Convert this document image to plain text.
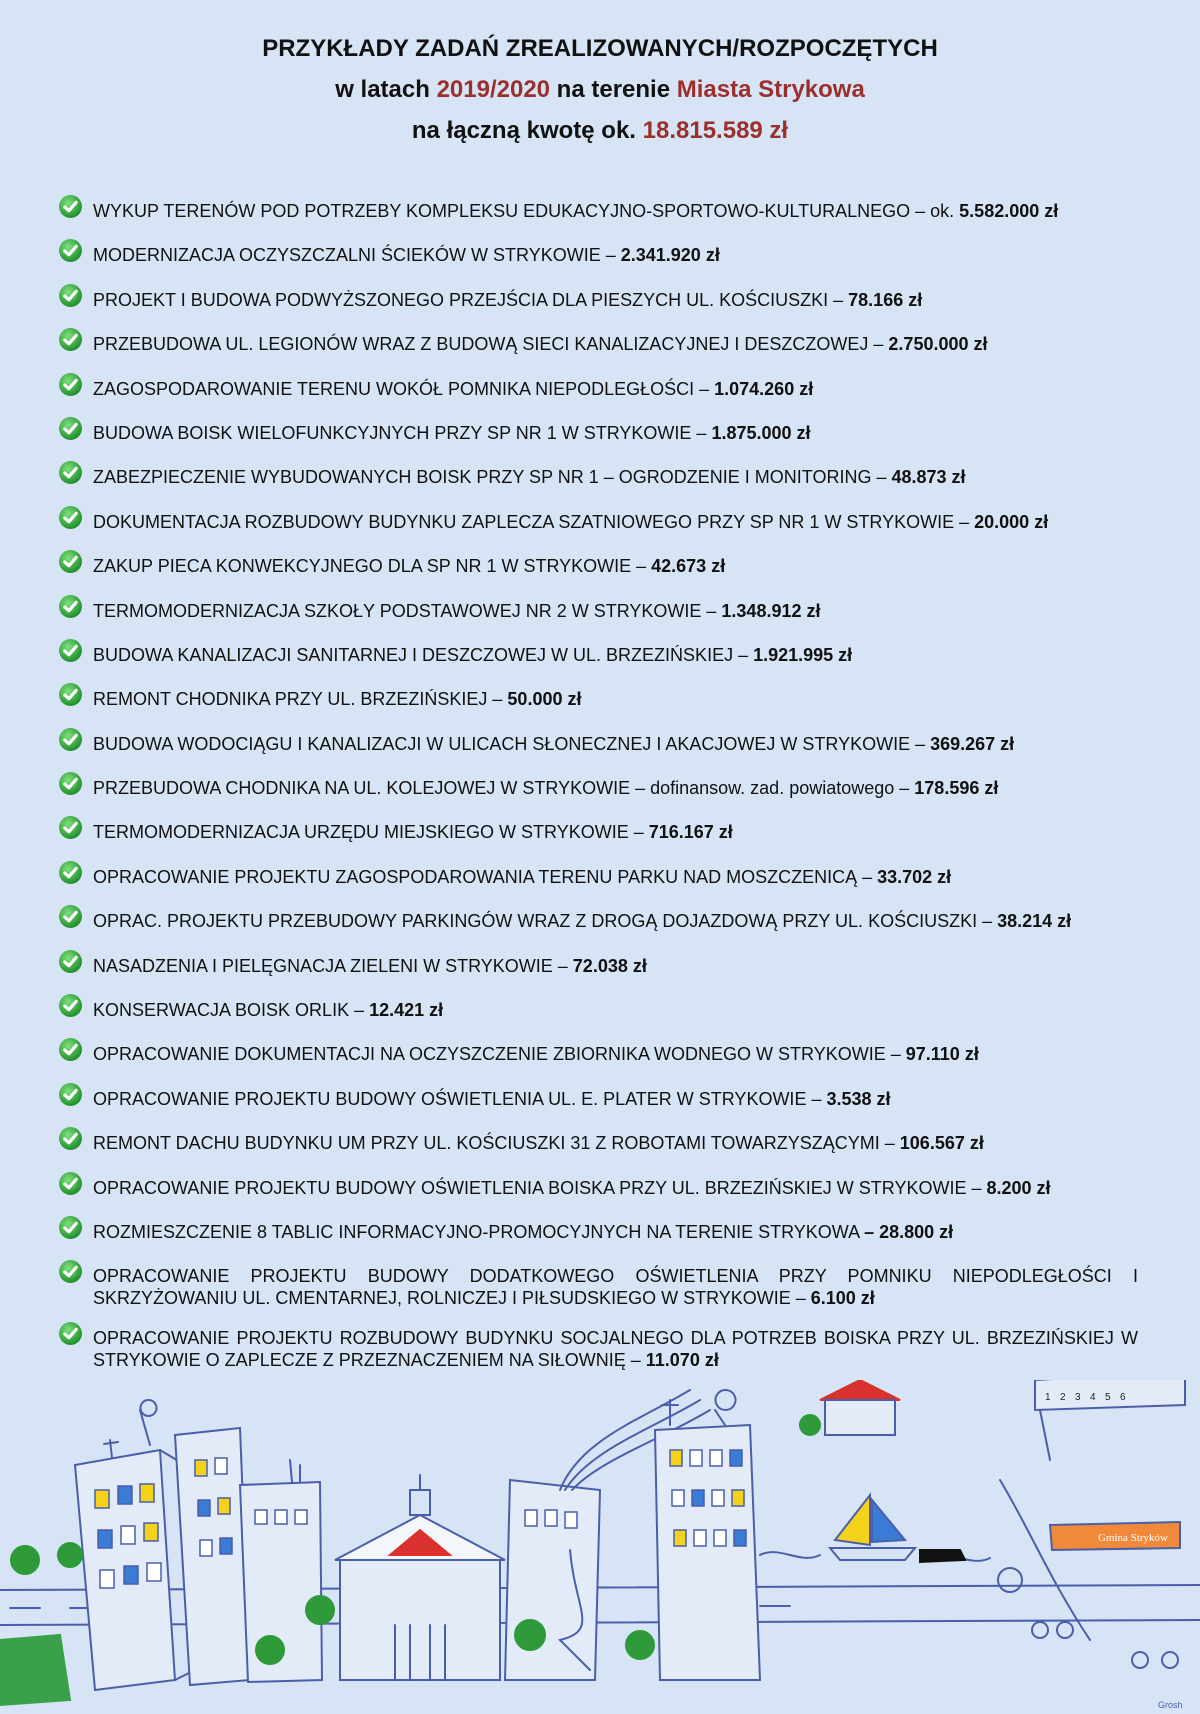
PRZYKŁADY ZADAŃ ZREALIZOWANYCH/ROZPOCZĘTYCH
w latach 2019/2020 na terenie Miasta Strykowa
na łączną kwotę ok. 18.815.589 zł
WYKUP TERENÓW POD POTRZEBY KOMPLEKSU EDUKACYJNO-SPORTOWO-KULTURALNEGO – ok. 5.582.000 zł
MODERNIZACJA OCZYSZCZALNI ŚCIEKÓW W STRYKOWIE – 2.341.920 zł
PROJEKT I BUDOWA PODWYŻSZONEGO PRZEJŚCIA DLA PIESZYCH UL. KOŚCIUSZKI – 78.166 zł
PRZEBUDOWA UL. LEGIONÓW WRAZ Z BUDOWĄ SIECI KANALIZACYJNEJ I DESZCZOWEJ – 2.750.000 zł
ZAGOSPODAROWANIE TERENU WOKÓŁ POMNIKA NIEPODLEGŁOŚCI – 1.074.260 zł
BUDOWA BOISK WIELOFUNKCYJNYCH PRZY SP NR 1 W STRYKOWIE – 1.875.000 zł
ZABEZPIECZENIE WYBUDOWANYCH BOISK PRZY SP NR 1 – OGRODZENIE I MONITORING – 48.873 zł
DOKUMENTACJA ROZBUDOWY BUDYNKU ZAPLECZA SZATNIOWEGO PRZY SP NR 1 W STRYKOWIE – 20.000 zł
ZAKUP PIECA KONWEKCYJNEGO DLA SP NR 1 W STRYKOWIE – 42.673 zł
TERMOMODERNIZACJA SZKOŁY PODSTAWOWEJ NR 2 W STRYKOWIE – 1.348.912 zł
BUDOWA KANALIZACJI SANITARNEJ I DESZCZOWEJ W UL. BRZEZIŃSKIEJ – 1.921.995 zł
REMONT CHODNIKA PRZY UL. BRZEZIŃSKIEJ – 50.000 zł
BUDOWA WODOCIĄGU I KANALIZACJI W ULICACH SŁONECZNEJ I AKACJOWEJ W STRYKOWIE – 369.267 zł
PRZEBUDOWA CHODNIKA NA UL. KOLEJOWEJ W STRYKOWIE – dofinansow. zad. powiatowego – 178.596 zł
TERMOMODERNIZACJA URZĘDU MIEJSKIEGO W STRYKOWIE – 716.167 zł
OPRACOWANIE PROJEKTU ZAGOSPODAROWANIA TERENU PARKU NAD MOSZCZENICĄ – 33.702 zł
OPRAC. PROJEKTU PRZEBUDOWY PARKINGÓW WRAZ Z DROGĄ DOJAZDOWĄ PRZY UL. KOŚCIUSZKI – 38.214 zł
NASADZENIA I PIELĘGNACJA ZIELENI W STRYKOWIE – 72.038 zł
KONSERWACJA BOISK ORLIK – 12.421 zł
OPRACOWANIE DOKUMENTACJI NA OCZYSZCZENIE ZBIORNIKA WODNEGO W STRYKOWIE – 97.110 zł
OPRACOWANIE PROJEKTU BUDOWY OŚWIETLENIA UL. E. PLATER W STRYKOWIE – 3.538 zł
REMONT DACHU BUDYNKU UM PRZY UL. KOŚCIUSZKI 31 Z ROBOTAMI TOWARZYSZĄCYMI – 106.567 zł
OPRACOWANIE PROJEKTU BUDOWY OŚWIETLENIA BOISKA PRZY UL. BRZEZIŃSKIEJ W STRYKOWIE – 8.200 zł
ROZMIESZCZENIE 8 TABLIC INFORMACYJNO-PROMOCYJNYCH NA TERENIE STRYKOWA – 28.800 zł
OPRACOWANIE PROJEKTU BUDOWY DODATKOWEGO OŚWIETLENIA PRZY POMNIKU NIEPODLEGŁOŚCI I SKRZYŻOWANIU UL. CMENTARNEJ, ROLNICZEJ I PIŁSUDSKIEGO W STRYKOWIE – 6.100 zł
OPRACOWANIE PROJEKTU ROZBUDOWY BUDYNKU SOCJALNEGO DLA POTRZEB BOISKA PRZY UL. BRZEZIŃSKIEJ W STRYKOWIE O ZAPLECZE Z PRZEZNACZENIEM NA SIŁOWNIĘ – 11.070 zł
1 2 3 4 5 6
Gmina Stryków
Grosh
